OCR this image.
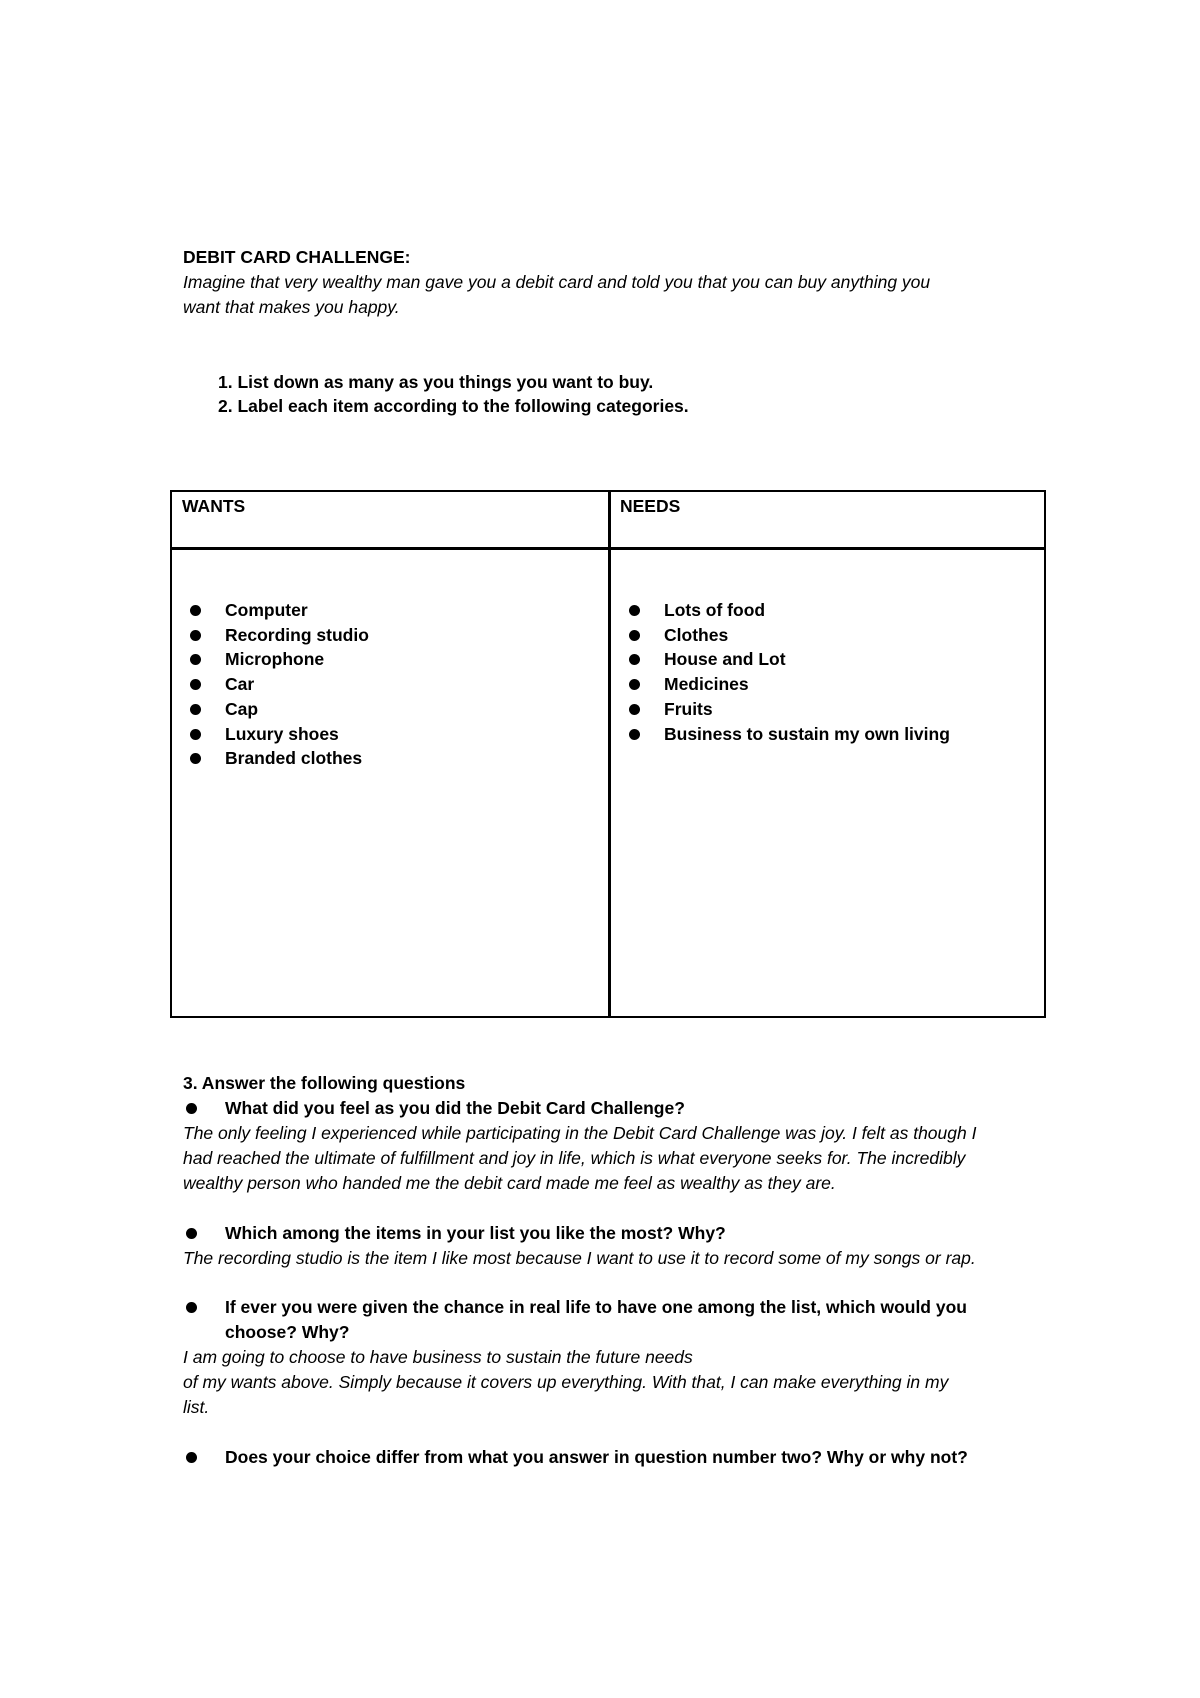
DEBIT CARD CHALLENGE:
Imagine that very wealthy man gave you a debit card and told you that you can buy anything you
want that makes you happy.
1. List down as many as you things you want to buy.
2. Label each item according to the following categories.
WANTS	NEEDS
Computer
Recording studio
Microphone
Car
Cap
Luxury shoes
Branded clothes
Lots of food
Clothes
House and Lot
Medicines
Fruits
Business to sustain my own living
3. Answer the following questions
What did you feel as you did the Debit Card Challenge?
The only feeling I experienced while participating in the Debit Card Challenge was joy. I felt as though I
had reached the ultimate of fulfillment and joy in life, which is what everyone seeks for. The incredibly
wealthy person who handed me the debit card made me feel as wealthy as they are.
Which among the items in your list you like the most? Why?
The recording studio is the item I like most because I want to use it to record some of my songs or rap.
If ever you were given the chance in real life to have one among the list, which would you
choose? Why?
I am going to choose to have business to sustain the future needs
of my wants above. Simply because it covers up everything. With that, I can make everything in my
list.
Does your choice differ from what you answer in question number two? Why or why not?
